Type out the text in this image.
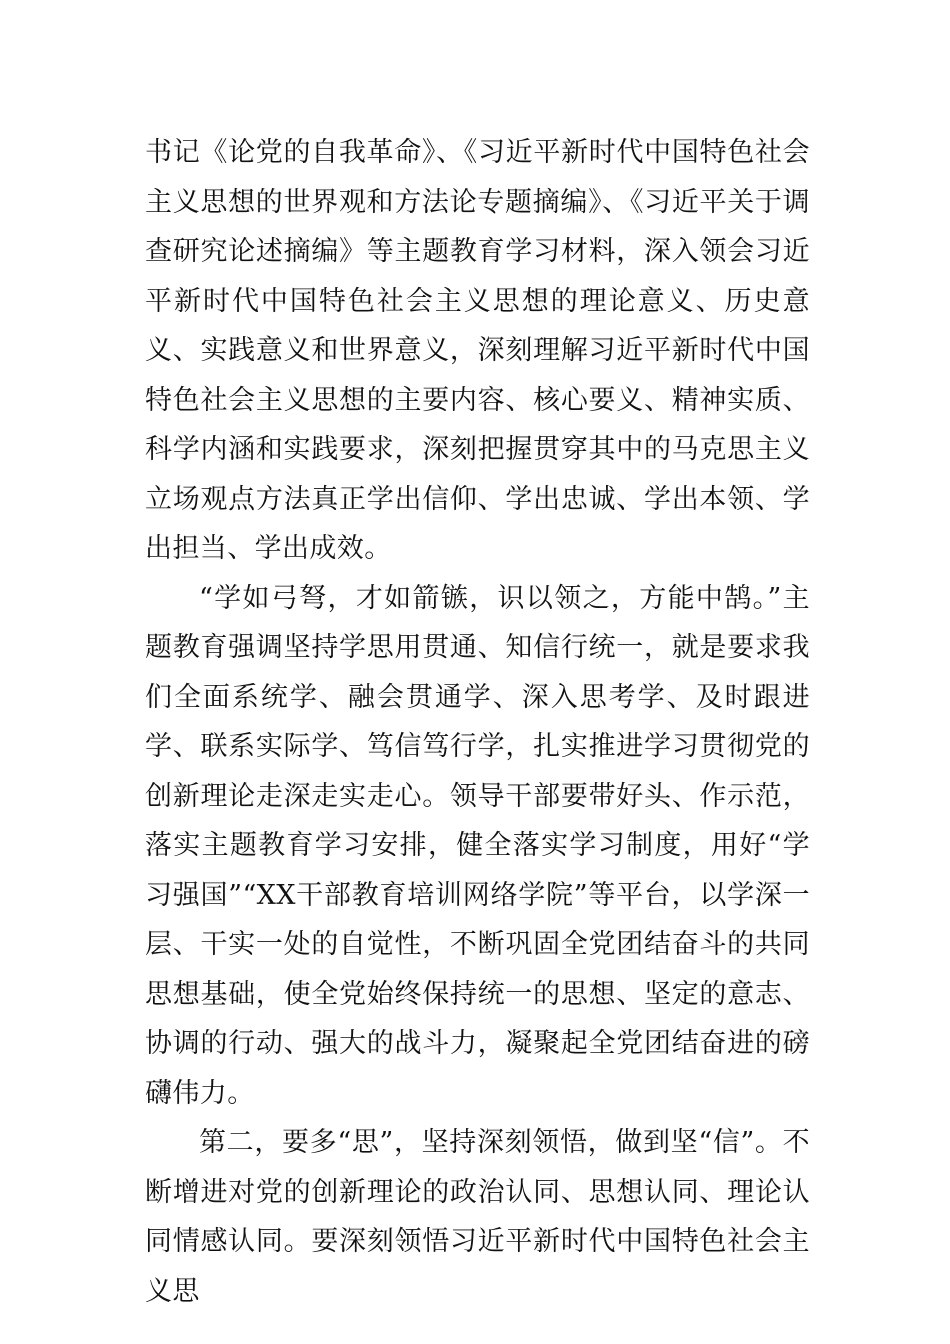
书记《论党的自我革命》、《习近平新时代中国特色社会主义思想的世界观和方法论专题摘编》、《习近平关于调查研究论述摘编》等主题教育学习材料，深入领会习近平新时代中国特色社会主义思想的理论意义、历史意义、实践意义和世界意义，深刻理解习近平新时代中国特色社会主义思想的主要内容、核心要义、精神实质、科学内涵和实践要求，深刻把握贯穿其中的马克思主义立场观点方法真正学出信仰、学出忠诚、学出本领、学出担当、学出成效。

“学如弓弩，才如箭镞，识以领之，方能中鹄。”主题教育强调坚持学思用贯通、知信行统一，就是要求我们全面系统学、融会贯通学、深入思考学、及时跟进学、联系实际学、笃信笃行学，扎实推进学习贯彻党的创新理论走深走实走心。领导干部要带好头、作示范，落实主题教育学习安排，健全落实学习制度，用好“学习强国”“XX干部教育培训网络学院”等平台，以学深一层、干实一处的自觉性，不断巩固全党团结奋斗的共同思想基础，使全党始终保持统一的思想、坚定的意志、协调的行动、强大的战斗力，凝聚起全党团结奋进的磅礴伟力。

第二，要多“思”，坚持深刻领悟，做到坚“信”。不断增进对党的创新理论的政治认同、思想认同、理论认同情感认同。要深刻领悟习近平新时代中国特色社会主义思
